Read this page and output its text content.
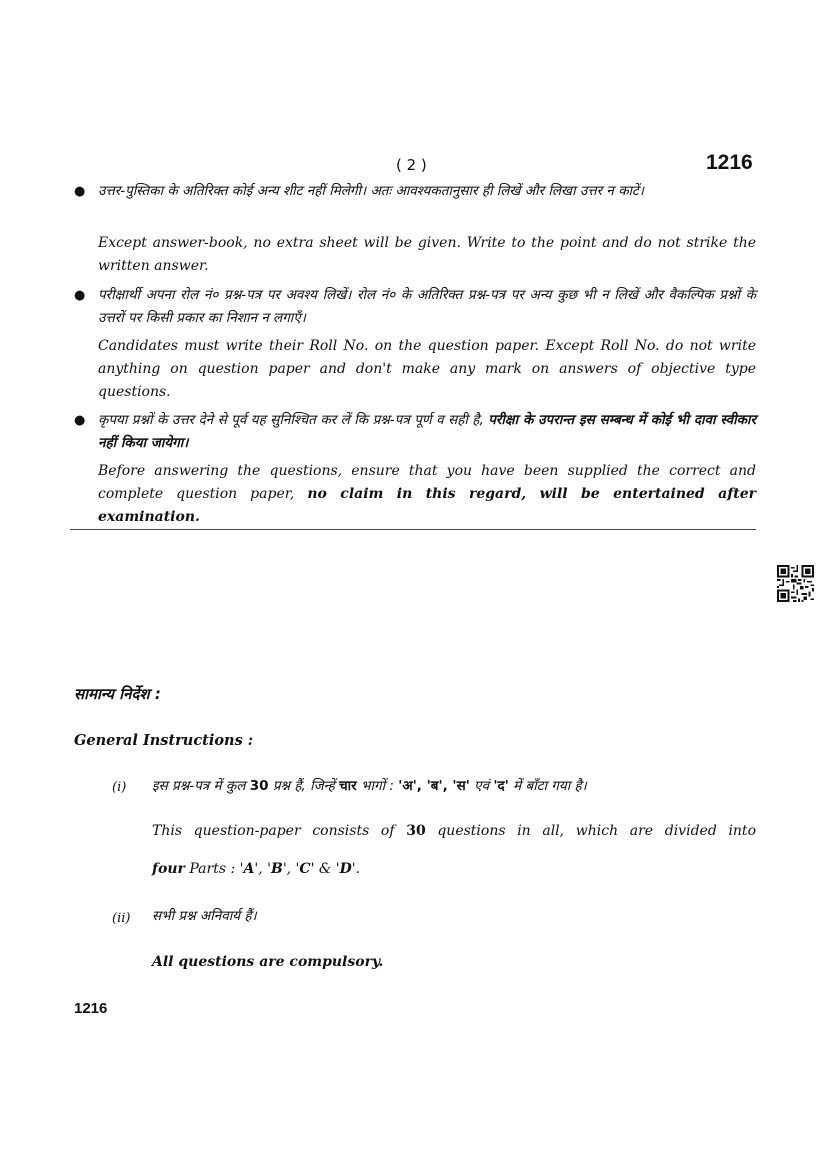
( 2 )	1216
● उत्तर-पुस्तिका के अतिरिक्त कोई अन्य शीट नहीं मिलेगी। अतः आवश्यकतानुसार ही लिखें और लिखा उत्तर न काटें।
Except answer-book, no extra sheet will be given. Write to the point and do not strike the written answer.
● परीक्षार्थी अपना रोल नं० प्रश्न-पत्र पर अवश्य लिखें। रोल नं० के अतिरिक्त प्रश्न-पत्र पर अन्य कुछ भी न लिखें और वैकल्पिक प्रश्नों के उत्तरों पर किसी प्रकार का निशान न लगाएँ।
Candidates must write their Roll No. on the question paper. Except Roll No. do not write anything on question paper and don't make any mark on answers of objective type questions.
● कृपया प्रश्नों के उत्तर देने से पूर्व यह सुनिश्चित कर लें कि प्रश्न-पत्र पूर्ण व सही है, परीक्षा के उपरान्त इस सम्बन्ध में कोई भी दावा स्वीकार नहीं किया जायेगा।
Before answering the questions, ensure that you have been supplied the correct and complete question paper, no claim in this regard, will be entertained after examination.
सामान्य निर्देश :
General Instructions :
(i) इस प्रश्न-पत्र में कुल 30 प्रश्न हैं, जिन्हें चार भागों : 'अ', 'ब', 'स' एवं 'द' में बाँटा गया है।
This question-paper consists of 30 questions in all, which are divided into
four Parts : 'A', 'B', 'C' & 'D'.
(ii) सभी प्रश्न अनिवार्य हैं।
All questions are compulsory.
1216
